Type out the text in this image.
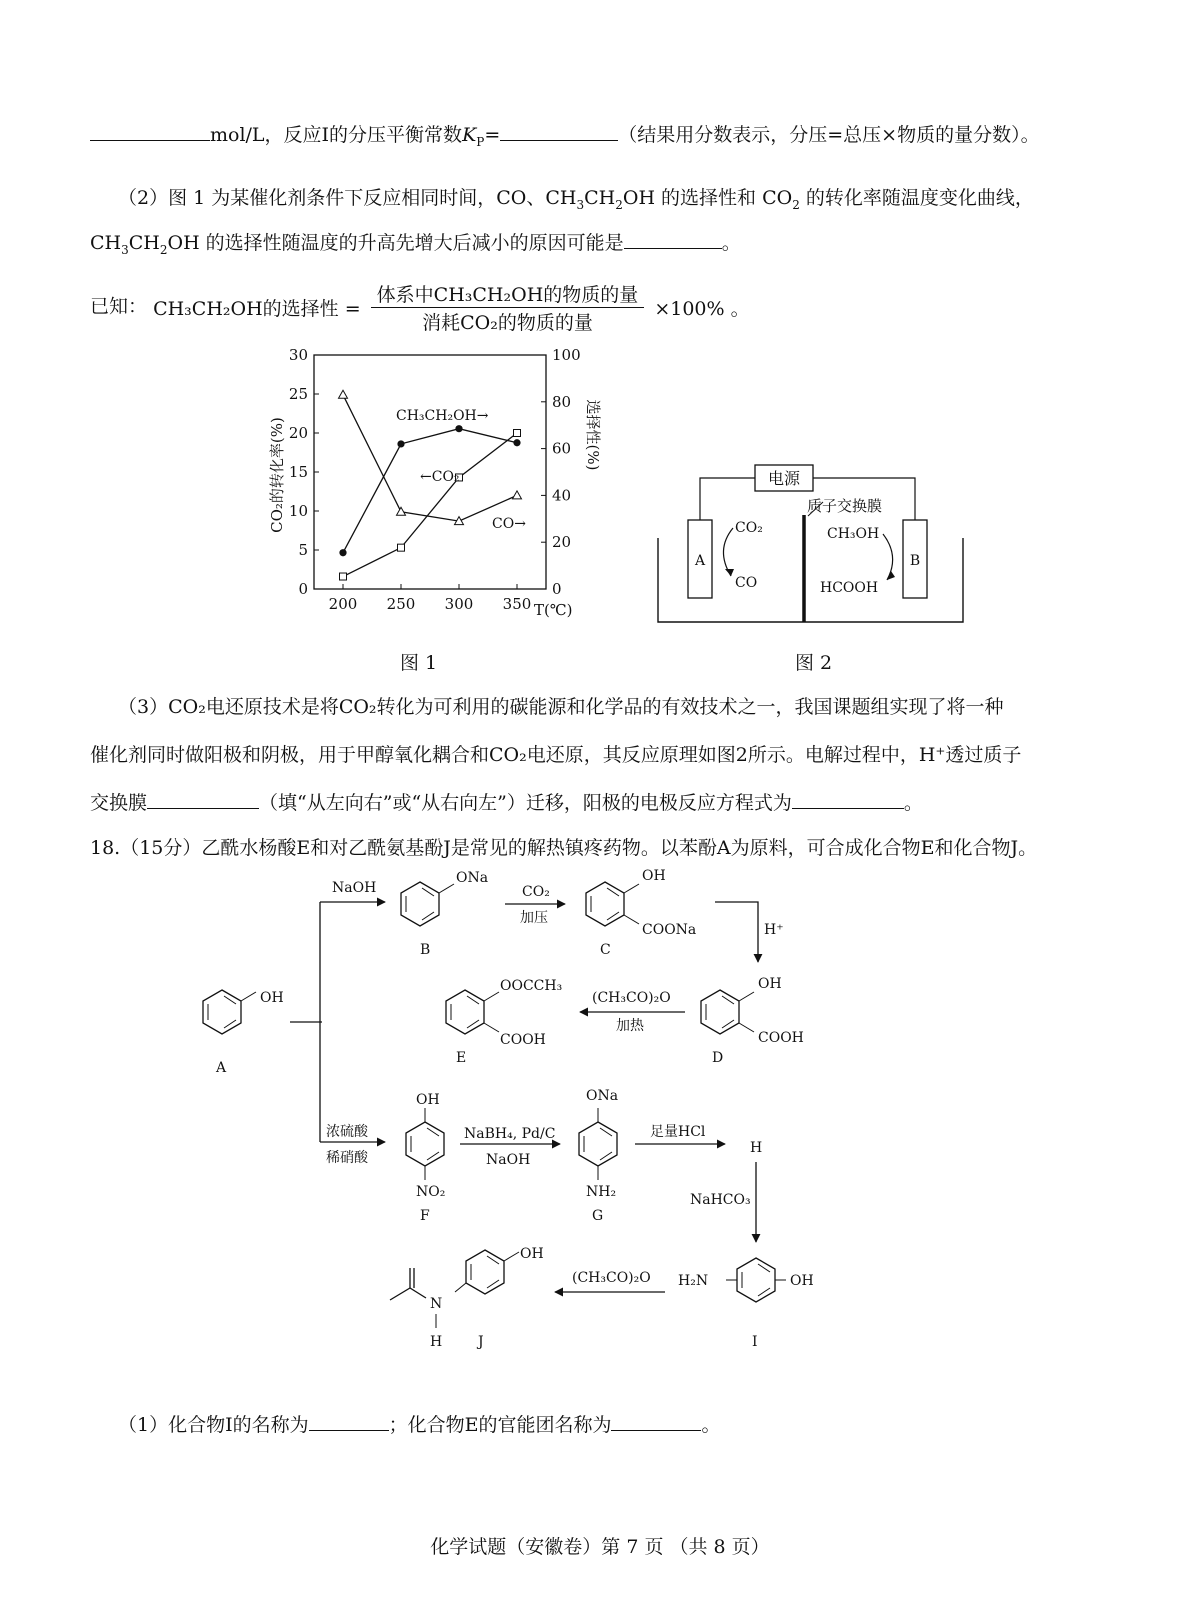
mol/L，反应I的分压平衡常数$K_P=$	（结果用分数表示，分压=总压×物质的量分数）。
（2）图 1 为某催化剂条件下反应相同时间，CO、$CH_3CH_2OH$ 的选择性和 $CO_2$ 的转化率随温度变化曲线，
$CH_3CH_2OH$ 的选择性随温度的升高先增大后减小的原因可能是	。
已知： CH₃CH₂OH的选择性 = $\frac{\text{体系中CH₃CH₂OH的物质的量}}{\text{消耗CO₂的物质的量}} \times 100\%$ 。
0
5
10
15
20
25
30
0
20
40
60
80
100
200 250 300 350
CO₂的转化率(%)	选择性(%)
T(℃)
CH₃CH₂OH→
←CO₂
CO→
图 1
电源
A	B
质子交换膜
CO₂
CO
CH₃OH
HCOOH
图 2
（3）CO₂电还原技术是将CO₂转化为可利用的碳能源和化学品的有效技术之一，我国课题组实现了将一种
催化剂同时做阳极和阴极，用于甲醇氧化耦合和CO₂电还原，其反应原理如图2所示。电解过程中，H⁺透过质子
交换膜	（填“从左向右”或“从右向左”）迁移，阳极的电极反应方程式为	。
18.（15分）乙酰水杨酸E和对乙酰氨基酚J是常见的解热镇疼药物。以苯酚A为原料，可合成化合物E和化合物J。
OH
A
NaOH
浓硫酸
稀硝酸
ONa
B
CO₂
加压
OH
COONa
C
H⁺
OH
COOH
D
(CH₃CO)₂O
加热
OOCCH₃
COOH
E
OH
NO₂
F
NaBH₄, Pd/C
NaOH
ONa
NH₂
G
足量HCl
H
NaHCO₃
H₂N	OH
I
(CH₃CO)₂O
OH
N
H	J
（1）化合物I的名称为	；化合物E的官能团名称为	。
化学试题（安徽卷）第 7 页 （共 8 页）
